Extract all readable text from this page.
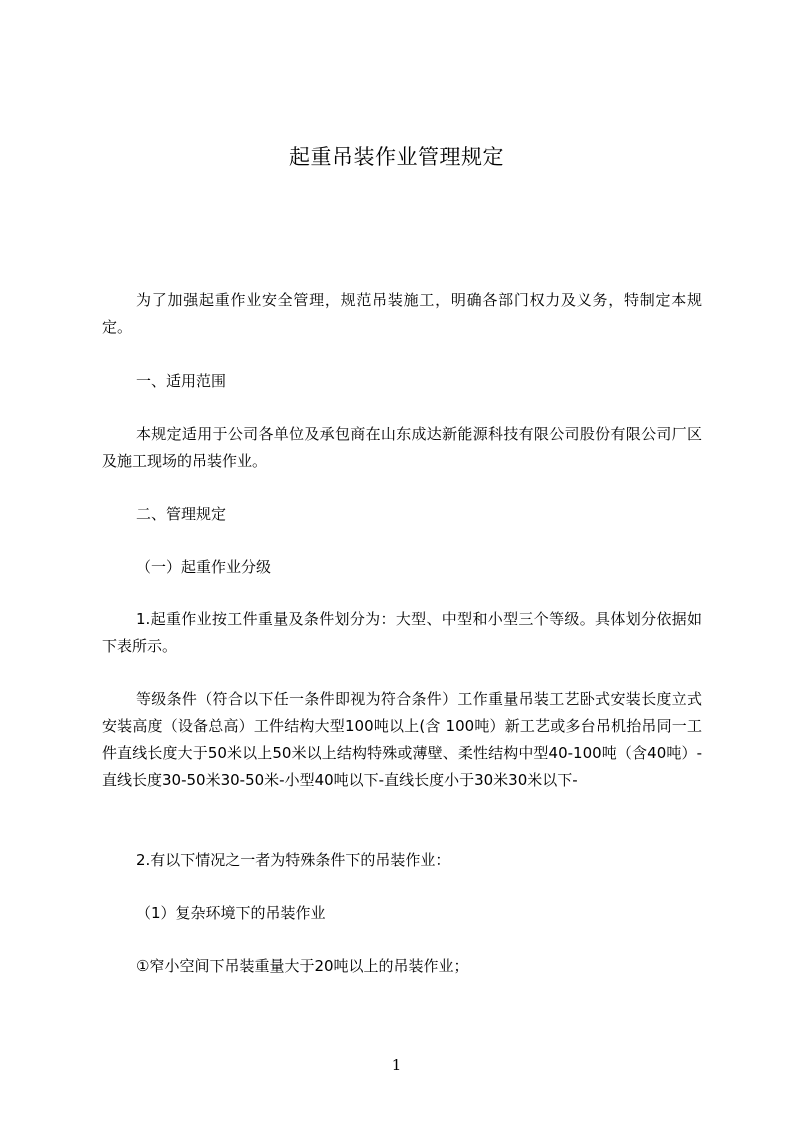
起重吊装作业管理规定
为了加强起重作业安全管理，规范吊装施工，明确各部门权力及义务，特制定本规定。
一、适用范围
本规定适用于公司各单位及承包商在山东成达新能源科技有限公司股份有限公司厂区及施工现场的吊装作业。
二、管理规定
（一）起重作业分级
1.起重作业按工件重量及条件划分为：大型、中型和小型三个等级。具体划分依据如下表所示。
等级条件（符合以下任一条件即视为符合条件）工作重量吊装工艺卧式安装长度立式安装高度（设备总高）工件结构大型100吨以上(含 100吨）新工艺或多台吊机抬吊同一工件直线长度大于50米以上50米以上结构特殊或薄壁、柔性结构中型40-100吨（含40吨）-直线长度30-50米30-50米-小型40吨以下-直线长度小于30米30米以下-
2.有以下情况之一者为特殊条件下的吊装作业：
（1）复杂环境下的吊装作业
①窄小空间下吊装重量大于20吨以上的吊装作业；
1
